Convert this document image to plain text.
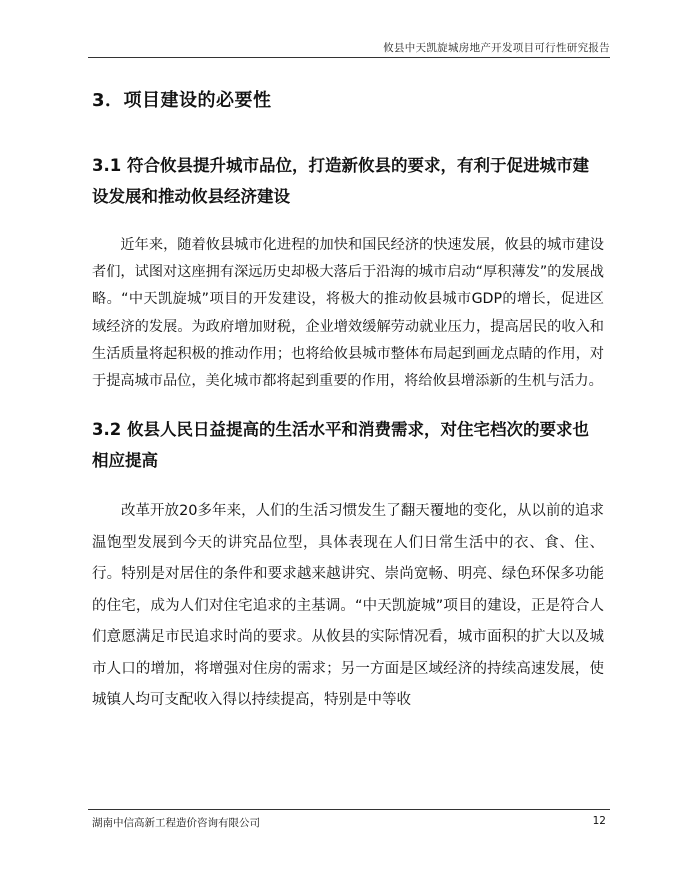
攸县中天凯旋城房地产开发项目可行性研究报告
3．项目建设的必要性
3.1 符合攸县提升城市品位，打造新攸县的要求，有利于促进城市建设发展和推动攸县经济建设

近年来，随着攸县城市化进程的加快和国民经济的快速发展，攸县的城市建设者们，试图对这座拥有深远历史却极大落后于沿海的城市启动“厚积薄发”的发展战略。“中天凯旋城”项目的开发建设，将极大的推动攸县城市GDP的增长，促进区域经济的发展。为政府增加财税，企业增效缓解劳动就业压力，提高居民的收入和生活质量将起积极的推动作用；也将给攸县城市整体布局起到画龙点睛的作用，对于提高城市品位，美化城市都将起到重要的作用，将给攸县增添新的生机与活力。

3.2 攸县人民日益提高的生活水平和消费需求，对住宅档次的要求也相应提高

改革开放20多年来，人们的生活习惯发生了翻天覆地的变化，从以前的追求温饱型发展到今天的讲究品位型，具体表现在人们日常生活中的衣、食、住、行。特别是对居住的条件和要求越来越讲究、崇尚宽畅、明亮、绿色环保多功能的住宅，成为人们对住宅追求的主基调。“中天凯旋城”项目的建设，正是符合人们意愿满足市民追求时尚的要求。从攸县的实际情况看，城市面积的扩大以及城市人口的增加，将增强对住房的需求；另一方面是区域经济的持续高速发展，使城镇人均可支配收入得以持续提高，特别是中等收

湖南中信高新工程造价咨询有限公司	12
